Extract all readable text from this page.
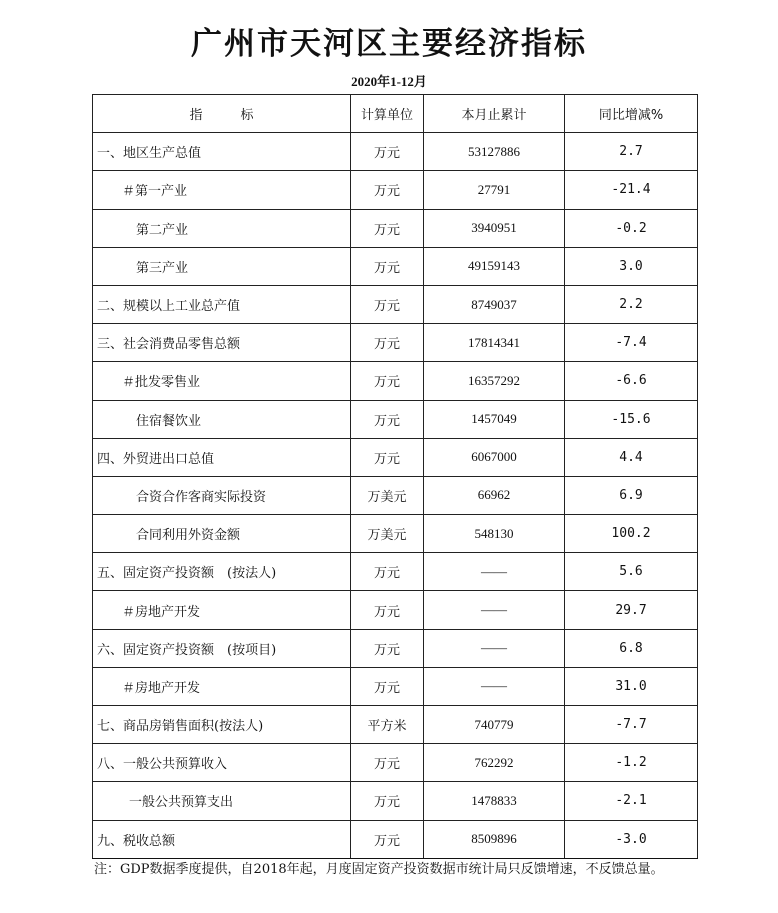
广州市天河区主要经济指标
2020年1-12月
指 标	计算单位	本月止累计	同比增减%
一、地区生产总值	万元	53127886	2.7
＃第一产业	万元	27791	-21.4
第二产业	万元	3940951	-0.2
第三产业	万元	49159143	3.0
二、规模以上工业总产值	万元	8749037	2.2
三、社会消费品零售总额	万元	17814341	-7.4
＃批发零售业	万元	16357292	-6.6
住宿餐饮业	万元	1457049	-15.6
四、外贸进出口总值	万元	6067000	4.4
合资合作客商实际投资	万美元	66962	6.9
合同利用外资金额	万美元	548130	100.2
五、固定资产投资额　(按法人)	万元	——	5.6
＃房地产开发	万元	——	29.7
六、固定资产投资额　(按项目)	万元	——	6.8
＃房地产开发	万元	——	31.0
七、商品房销售面积(按法人)	平方米	740779	-7.7
八、一般公共预算收入	万元	762292	-1.2
一般公共预算支出	万元	1478833	-2.1
九、税收总额	万元	8509896	-3.0
注：GDP数据季度提供，自2018年起，月度固定资产投资数据市统计局只反馈增速，不反馈总量。
